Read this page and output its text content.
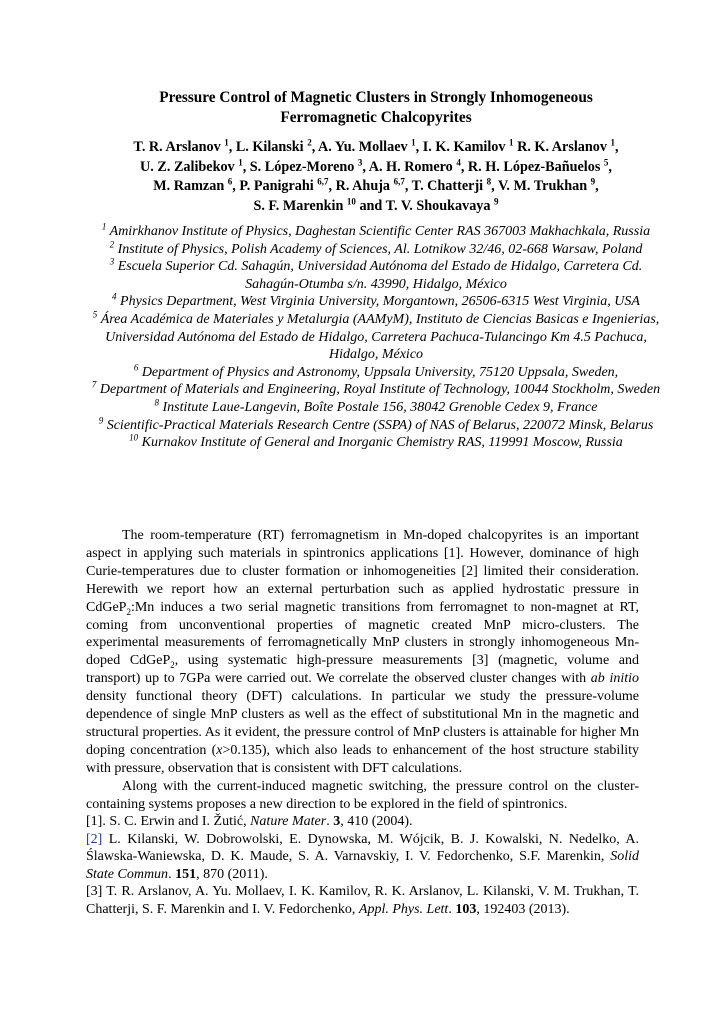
Pressure Control of Magnetic Clusters in Strongly Inhomogeneous
Ferromagnetic Chalcopyrites
T. R. Arslanov $^1$, L. Kilanski $^2$, A. Yu. Mollaev $^1$, I. K. Kamilov $^1$ R. K. Arslanov $^1$,
U. Z. Zalibekov $^1$, S. López-Moreno $^3$, A. H. Romero $^4$, R. H. López-Bañuelos $^5$,
M. Ramzan $^6$, P. Panigrahi $^{6,7}$, R. Ahuja $^{6,7}$, T. Chatterji $^8$, V. M. Trukhan $^9$,
S. F. Marenkin $^{10}$ and T. V. Shoukavaya $^9$
$^1$ Amirkhanov Institute of Physics, Daghestan Scientific Center RAS 367003 Makhachkala, Russia
$^2$ Institute of Physics, Polish Academy of Sciences, Al. Lotnikow 32/46, 02-668 Warsaw, Poland
$^3$ Escuela Superior Cd. Sahagún, Universidad Autónoma del Estado de Hidalgo, Carretera Cd. Sahagún-Otumba s/n. 43990, Hidalgo, México
$^4$ Physics Department, West Virginia University, Morgantown, 26506-6315 West Virginia, USA
$^5$ Área Académica de Materiales y Metalurgia (AAMyM), Instituto de Ciencias Basicas e Ingenierias, Universidad Autónoma del Estado de Hidalgo, Carretera Pachuca-Tulancingo Km 4.5 Pachuca, Hidalgo, México
$^6$ Department of Physics and Astronomy, Uppsala University, 75120 Uppsala, Sweden,
$^7$ Department of Materials and Engineering, Royal Institute of Technology, 10044 Stockholm, Sweden
$^8$ Institute Laue-Langevin, Boîte Postale 156, 38042 Grenoble Cedex 9, France
$^9$ Scientific-Practical Materials Research Centre (SSPA) of NAS of Belarus, 220072 Minsk, Belarus
$^{10}$ Kurnakov Institute of General and Inorganic Chemistry RAS, 119991 Moscow, Russia

The room-temperature (RT) ferromagnetism in Mn-doped chalcopyrites is an important aspect in applying such materials in spintronics applications [1]. However, dominance of high Curie-temperatures due to cluster formation or inhomogeneities [2] limited their consideration. Herewith we report how an external perturbation such as applied hydrostatic pressure in CdGeP$_2$:Mn induces a two serial magnetic transitions from ferromagnet to non-magnet at RT, coming from unconventional properties of magnetic created MnP micro-clusters. The experimental measurements of ferromagnetically MnP clusters in strongly inhomogeneous Mn-doped CdGeP$_2$, using systematic high-pressure measurements [3] (magnetic, volume and transport) up to 7GPa were carried out. We correlate the observed cluster changes with ab initio density functional theory (DFT) calculations. In particular we study the pressure-volume dependence of single MnP clusters as well as the effect of substitutional Mn in the magnetic and structural properties. As it evident, the pressure control of MnP clusters is attainable for higher Mn doping concentration (x>0.135), which also leads to enhancement of the host structure stability with pressure, observation that is consistent with DFT calculations.

Along with the current-induced magnetic switching, the pressure control on the cluster-containing systems proposes a new direction to be explored in the field of spintronics.

[1]. S. C. Erwin and I. Žutić, Nature Mater. 3, 410 (2004).

[2] L. Kilanski, W. Dobrowolski, E. Dynowska, M. Wójcik, B. J. Kowalski, N. Nedelko, A. Ślawska-Waniewska, D. K. Maude, S. A. Varnavskiy, I. V. Fedorchenko, S.F. Marenkin, Solid State Commun. 151, 870 (2011).

[3] T. R. Arslanov, A. Yu. Mollaev, I. K. Kamilov, R. K. Arslanov, L. Kilanski, V. M. Trukhan, T. Chatterji, S. F. Marenkin and I. V. Fedorchenko, Appl. Phys. Lett. 103, 192403 (2013).
